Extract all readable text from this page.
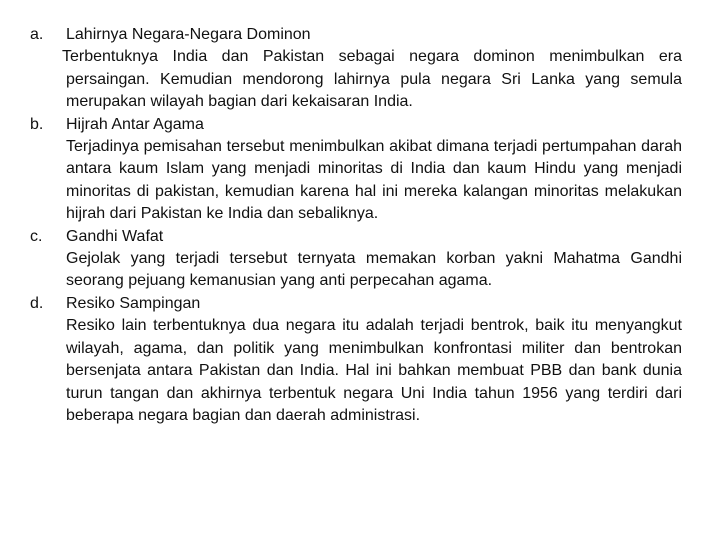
a.	Lahirnya Negara-Negara Dominon
Terbentuknya India dan Pakistan sebagai negara dominon menimbulkan era persaingan. Kemudian mendorong lahirnya pula negara Sri Lanka yang semula merupakan wilayah bagian dari kekaisaran India.
b.	Hijrah Antar Agama
Terjadinya pemisahan tersebut menimbulkan akibat dimana terjadi pertumpahan darah antara kaum Islam yang menjadi minoritas di India dan kaum Hindu yang menjadi minoritas di pakistan, kemudian karena hal ini mereka kalangan minoritas melakukan hijrah dari Pakistan ke India dan sebaliknya.
c.	Gandhi Wafat
Gejolak yang terjadi tersebut ternyata memakan korban yakni Mahatma Gandhi seorang pejuang kemanusian yang anti perpecahan agama.
d.	Resiko Sampingan
Resiko lain terbentuknya dua negara itu adalah terjadi bentrok, baik itu menyangkut wilayah, agama, dan politik yang menimbulkan konfrontasi militer dan bentrokan bersenjata antara Pakistan dan India. Hal ini bahkan membuat PBB dan bank dunia turun tangan dan akhirnya terbentuk negara Uni India tahun 1956 yang terdiri dari beberapa negara bagian dan daerah administrasi.
